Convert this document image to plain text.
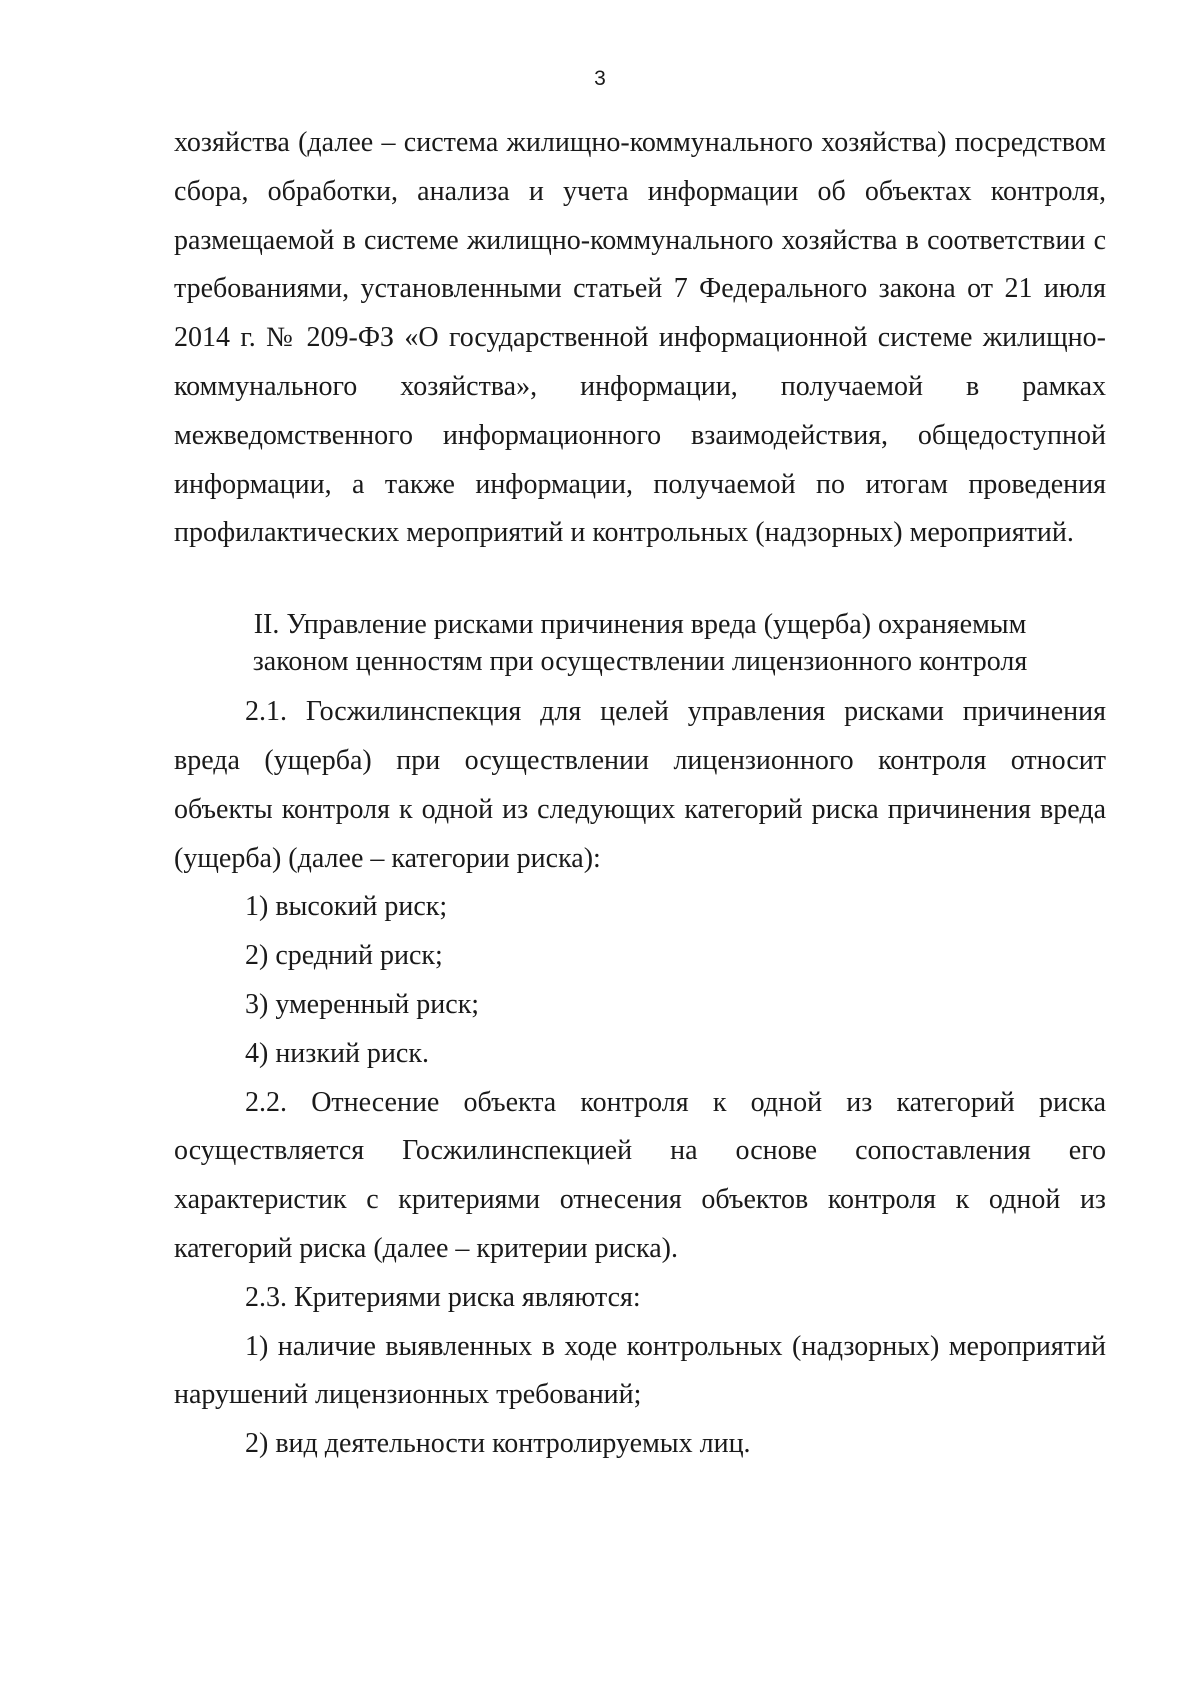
3

хозяйства (далее – система жилищно-коммунального хозяйства) посредством сбора, обработки, анализа и учета информации об объектах контроля, размещаемой в системе жилищно-коммунального хозяйства в соответствии с требованиями, установленными статьей 7 Федерального закона от 21 июля 2014 г. № 209-ФЗ «О государственной информационной системе жилищно-коммунального хозяйства», информации, получаемой в рамках межведомственного информационного взаимодействия, общедоступной информации, а также информации, получаемой по итогам проведения профилактических мероприятий и контрольных (надзорных) мероприятий.

II. Управление рисками причинения вреда (ущерба) охраняемым
законом ценностям при осуществлении лицензионного контроля

2.1. Госжилинспекция для целей управления рисками причинения вреда (ущерба) при осуществлении лицензионного контроля относит объекты контроля к одной из следующих категорий риска причинения вреда (ущерба) (далее – категории риска):

1) высокий риск;

2) средний риск;

3) умеренный риск;

4) низкий риск.

2.2. Отнесение объекта контроля к одной из категорий риска осуществляется Госжилинспекцией на основе сопоставления его характеристик с критериями отнесения объектов контроля к одной из категорий риска (далее – критерии риска).

2.3. Критериями риска являются:

1) наличие выявленных в ходе контрольных (надзорных) мероприятий нарушений лицензионных требований;

2) вид деятельности контролируемых лиц.
